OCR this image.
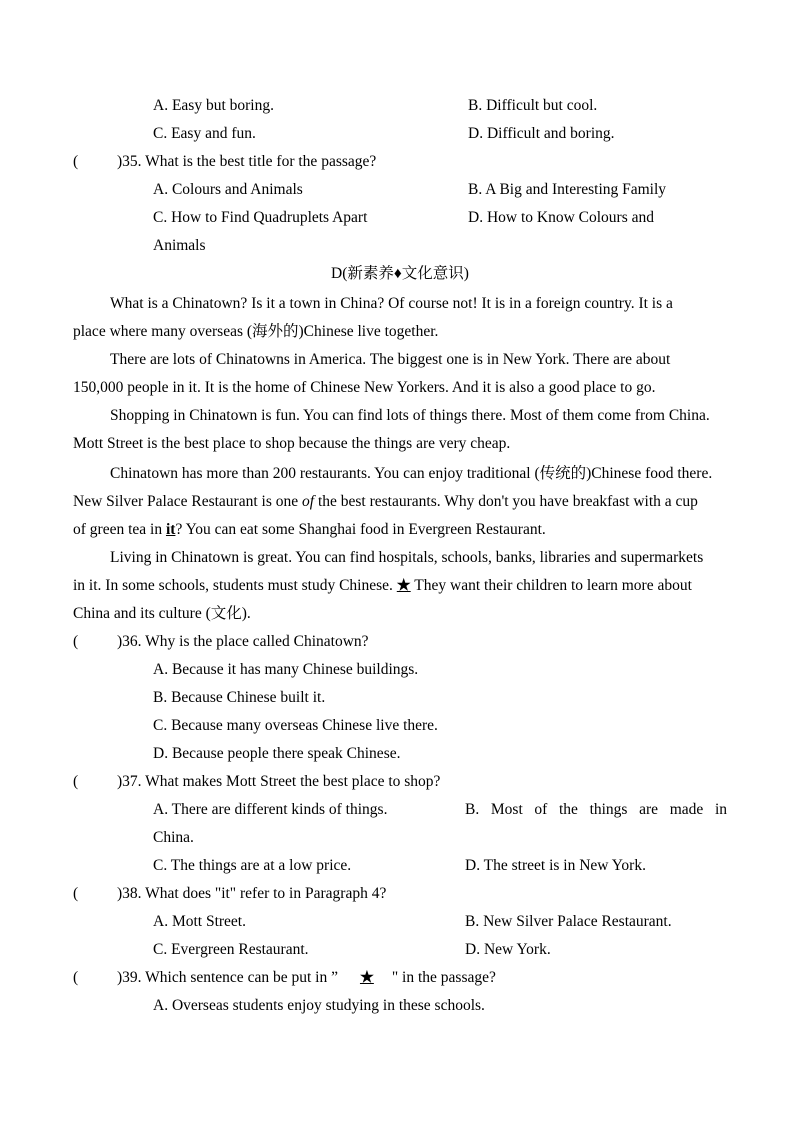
A. Easy but boring.	B. Difficult but cool.
C. Easy and fun.	D. Difficult and boring.
(	)35. What is the best title for the passage?
A. Colours and Animals	B. A Big and Interesting Family
C. How to Find Quadruplets Apart	D. How to Know Colours and
Animals
D(新素养♦文化意识)
What is a Chinatown? Is it a town in China? Of course not! It is in a foreign country. It is a
place where many overseas (海外的)Chinese live together.
There are lots of Chinatowns in America. The biggest one is in New York. There are about
150,000 people in it. It is the home of Chinese New Yorkers. And it is also a good place to go.
Shopping in Chinatown is fun. You can find lots of things there. Most of them come from China.
Mott Street is the best place to shop because the things are very cheap.
Chinatown has more than 200 restaurants. You can enjoy traditional (传统的)Chinese food there.
New Silver Palace Restaurant is one of the best restaurants. Why don't you have breakfast with a cup
of green tea in it? You can eat some Shanghai food in Evergreen Restaurant.
Living in Chinatown is great. You can find hospitals, schools, banks, libraries and supermarkets
in it. In some schools, students must study Chinese. ★ They want their children to learn more about
China and its culture (文化).
(	)36. Why is the place called Chinatown?
A. Because it has many Chinese buildings.
B. Because Chinese built it.
C. Because many overseas Chinese live there.
D. Because people there speak Chinese.
(	)37. What makes Mott Street the best place to shop?
A. There are different kinds of things.	B. Most of the things are made in
China.
C. The things are at a low price.	D. The street is in New York.
(	)38. What does "it" refer to in Paragraph 4?
A. Mott Street.	B. New Silver Palace Restaurant.
C. Evergreen Restaurant.	D. New York.
(	)39. Which sentence can be put in ” ★ " in the passage?
A. Overseas students enjoy studying in these schools.
